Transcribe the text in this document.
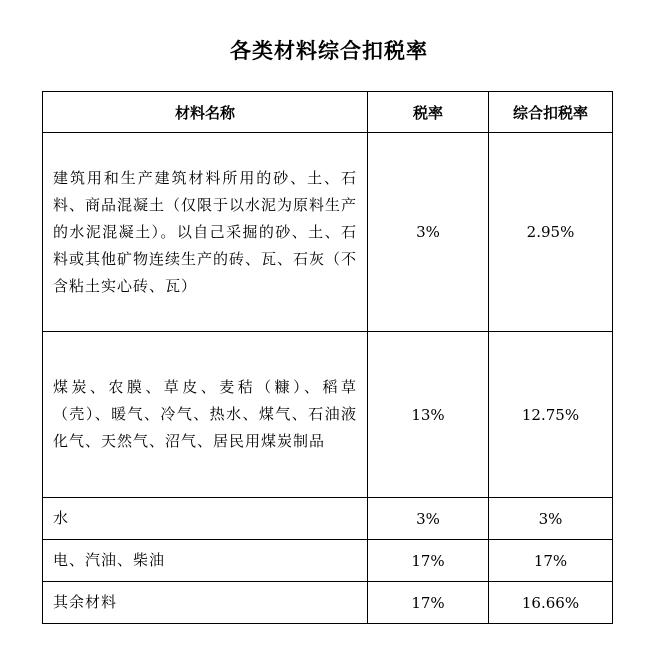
各类材料综合扣税率
材料名称	税率	综合扣税率
建筑用和生产建筑材料所用的砂、土、石料、商品混凝土（仅限于以水泥为原料生产的水泥混凝土）。以自己采掘的砂、土、石料或其他矿物连续生产的砖、瓦、石灰（不含粘土实心砖、瓦）	3%	2.95%
煤炭、农膜、草皮、麦秸（糠）、稻草（壳）、暖气、冷气、热水、煤气、石油液化气、天然气、沼气、居民用煤炭制品	13%	12.75%
水	3%	3%
电、汽油、柴油	17%	17%
其余材料	17%	16.66%
